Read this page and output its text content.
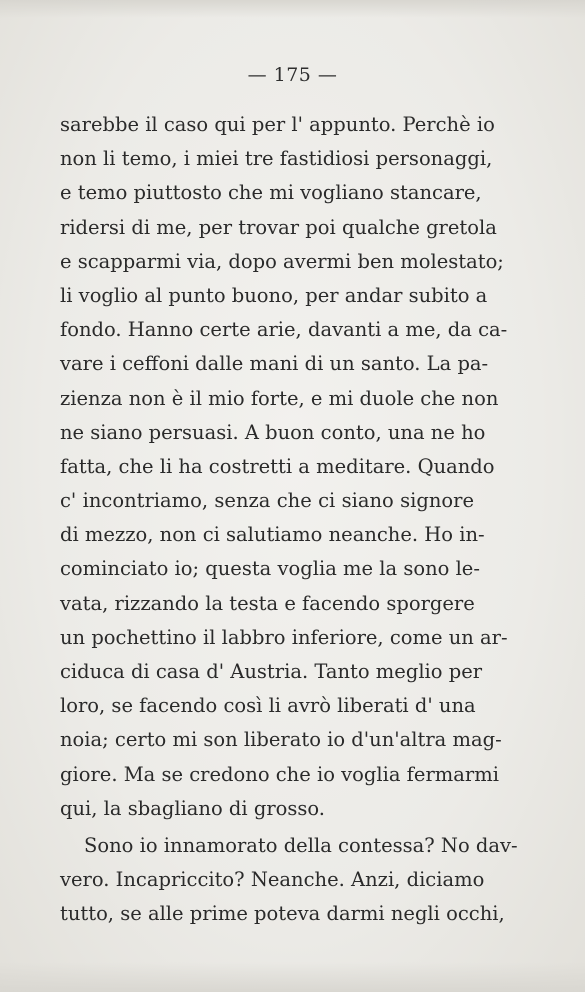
— 175 —
sarebbe il caso qui per l' appunto. Perchè io
non li temo, i miei tre fastidiosi personaggi,
e temo piuttosto che mi vogliano stancare,
ridersi di me, per trovar poi qualche gretola
e scapparmi via, dopo avermi ben molestato;
li voglio al punto buono, per andar subito a
fondo. Hanno certe arie, davanti a me, da ca-
vare i ceffoni dalle mani di un santo. La pa-
zienza non è il mio forte, e mi duole che non
ne siano persuasi. A buon conto, una ne ho
fatta, che li ha costretti a meditare. Quando
c' incontriamo, senza che ci siano signore
di mezzo, non ci salutiamo neanche. Ho in-
cominciato io; questa voglia me la sono le-
vata, rizzando la testa e facendo sporgere
un pochettino il labbro inferiore, come un ar-
ciduca di casa d' Austria. Tanto meglio per
loro, se facendo così li avrò liberati d' una
noia; certo mi son liberato io d'un'altra mag-
giore. Ma se credono che io voglia fermarmi
qui, la sbagliano di grosso.
Sono io innamorato della contessa? No dav-
vero. Incapriccito? Neanche. Anzi, diciamo
tutto, se alle prime poteva darmi negli occhi,
